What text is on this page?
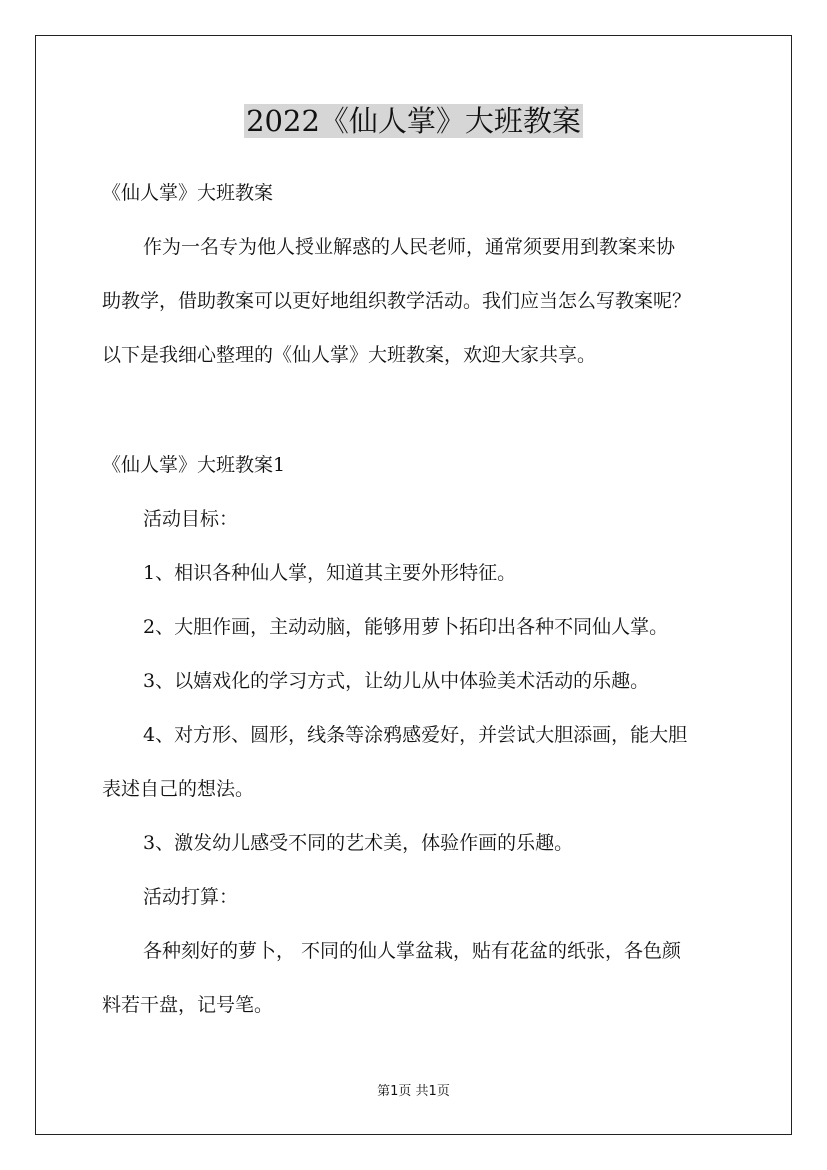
2022《仙人掌》大班教案
《仙人掌》大班教案
作为一名专为他人授业解惑的人民老师，通常须要用到教案来协
助教学，借助教案可以更好地组织教学活动。我们应当怎么写教案呢？
以下是我细心整理的《仙人掌》大班教案，欢迎大家共享。
《仙人掌》大班教案1
活动目标：
1、相识各种仙人掌，知道其主要外形特征。
2、大胆作画，主动动脑，能够用萝卜拓印出各种不同仙人掌。
3、以嬉戏化的学习方式，让幼儿从中体验美术活动的乐趣。
4、对方形、圆形，线条等涂鸦感爱好，并尝试大胆添画，能大胆
表述自己的想法。
3、激发幼儿感受不同的艺术美，体验作画的乐趣。
活动打算：
各种刻好的萝卜， 不同的仙人掌盆栽，贴有花盆的纸张，各色颜
料若干盘，记号笔。
第1页 共1页
